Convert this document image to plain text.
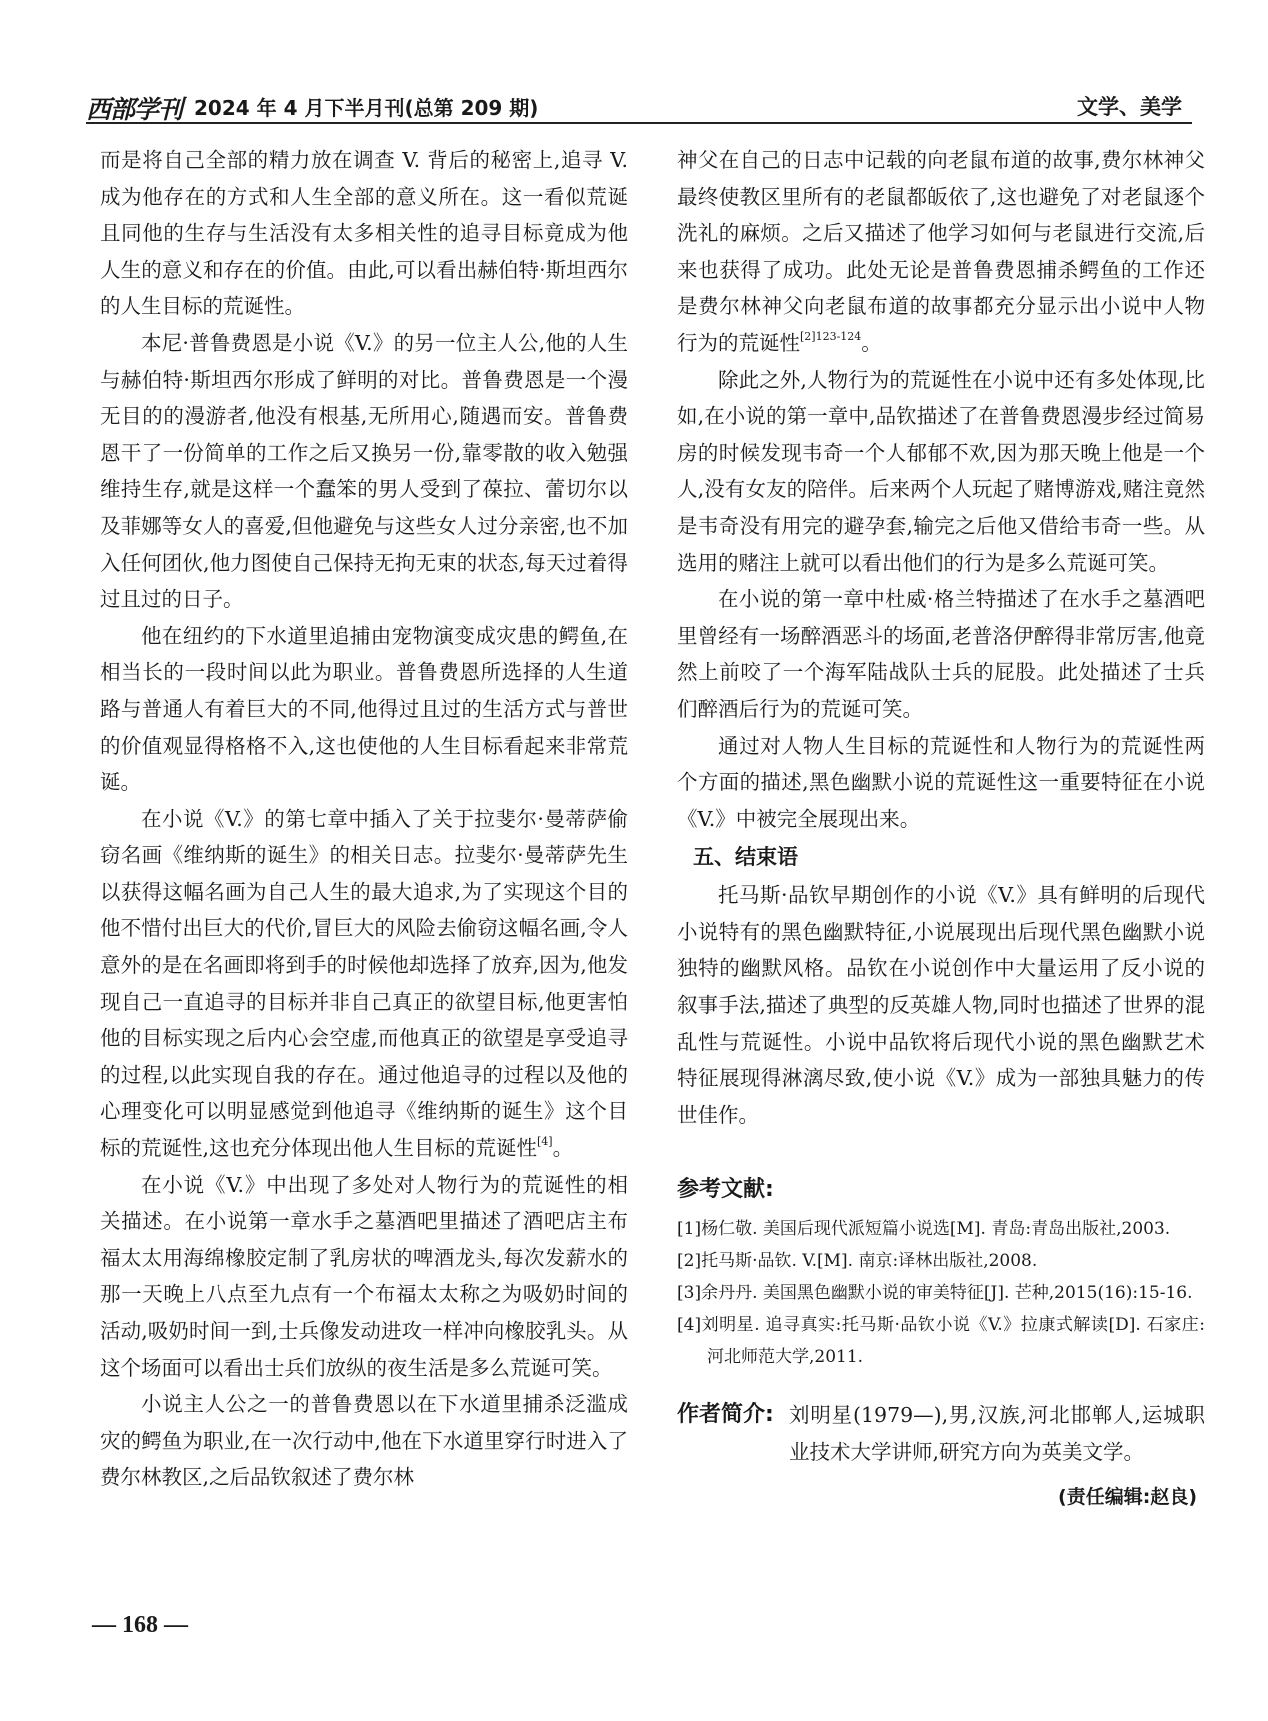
西部学刊 2024 年 4 月下半月刊(总第 209 期)	文学、美学

而是将自己全部的精力放在调查 V. 背后的秘密上,追寻 V. 成为他存在的方式和人生全部的意义所在。这一看似荒诞且同他的生存与生活没有太多相关性的追寻目标竟成为他人生的意义和存在的价值。由此,可以看出赫伯特·斯坦西尔的人生目标的荒诞性。

本尼·普鲁费恩是小说《V.》的另一位主人公,他的人生与赫伯特·斯坦西尔形成了鲜明的对比。普鲁费恩是一个漫无目的的漫游者,他没有根基,无所用心,随遇而安。普鲁费恩干了一份简单的工作之后又换另一份,靠零散的收入勉强维持生存,就是这样一个蠢笨的男人受到了葆拉、蕾切尔以及菲娜等女人的喜爱,但他避免与这些女人过分亲密,也不加入任何团伙,他力图使自己保持无拘无束的状态,每天过着得过且过的日子。

他在纽约的下水道里追捕由宠物演变成灾患的鳄鱼,在相当长的一段时间以此为职业。普鲁费恩所选择的人生道路与普通人有着巨大的不同,他得过且过的生活方式与普世的价值观显得格格不入,这也使他的人生目标看起来非常荒诞。

在小说《V.》的第七章中插入了关于拉斐尔·曼蒂萨偷窃名画《维纳斯的诞生》的相关日志。拉斐尔·曼蒂萨先生以获得这幅名画为自己人生的最大追求,为了实现这个目的他不惜付出巨大的代价,冒巨大的风险去偷窃这幅名画,令人意外的是在名画即将到手的时候他却选择了放弃,因为,他发现自己一直追寻的目标并非自己真正的欲望目标,他更害怕他的目标实现之后内心会空虚,而他真正的欲望是享受追寻的过程,以此实现自我的存在。通过他追寻的过程以及他的心理变化可以明显感觉到他追寻《维纳斯的诞生》这个目标的荒诞性,这也充分体现出他人生目标的荒诞性[4]。

在小说《V.》中出现了多处对人物行为的荒诞性的相关描述。在小说第一章水手之墓酒吧里描述了酒吧店主布福太太用海绵橡胶定制了乳房状的啤酒龙头,每次发薪水的那一天晚上八点至九点有一个布福太太称之为吸奶时间的活动,吸奶时间一到,士兵像发动进攻一样冲向橡胶乳头。从这个场面可以看出士兵们放纵的夜生活是多么荒诞可笑。

小说主人公之一的普鲁费恩以在下水道里捕杀泛滥成灾的鳄鱼为职业,在一次行动中,他在下水道里穿行时进入了费尔林教区,之后品钦叙述了费尔林

神父在自己的日志中记载的向老鼠布道的故事,费尔林神父最终使教区里所有的老鼠都皈依了,这也避免了对老鼠逐个洗礼的麻烦。之后又描述了他学习如何与老鼠进行交流,后来也获得了成功。此处无论是普鲁费恩捕杀鳄鱼的工作还是费尔林神父向老鼠布道的故事都充分显示出小说中人物行为的荒诞性$^{[2]123-124}$。

除此之外,人物行为的荒诞性在小说中还有多处体现,比如,在小说的第一章中,品钦描述了在普鲁费恩漫步经过简易房的时候发现韦奇一个人郁郁不欢,因为那天晚上他是一个人,没有女友的陪伴。后来两个人玩起了赌博游戏,赌注竟然是韦奇没有用完的避孕套,输完之后他又借给韦奇一些。从选用的赌注上就可以看出他们的行为是多么荒诞可笑。

在小说的第一章中杜威·格兰特描述了在水手之墓酒吧里曾经有一场醉酒恶斗的场面,老普洛伊醉得非常厉害,他竟然上前咬了一个海军陆战队士兵的屁股。此处描述了士兵们醉酒后行为的荒诞可笑。

通过对人物人生目标的荒诞性和人物行为的荒诞性两个方面的描述,黑色幽默小说的荒诞性这一重要特征在小说《V.》中被完全展现出来。

五、结束语

托马斯·品钦早期创作的小说《V.》具有鲜明的后现代小说特有的黑色幽默特征,小说展现出后现代黑色幽默小说独特的幽默风格。品钦在小说创作中大量运用了反小说的叙事手法,描述了典型的反英雄人物,同时也描述了世界的混乱性与荒诞性。小说中品钦将后现代小说的黑色幽默艺术特征展现得淋漓尽致,使小说《V.》成为一部独具魅力的传世佳作。

参考文献:
[1]杨仁敬. 美国后现代派短篇小说选[M]. 青岛:青岛出版社,2003.
[2]托马斯·品钦. V.[M]. 南京:译林出版社,2008.
[3]余丹丹. 美国黑色幽默小说的审美特征[J]. 芒种,2015(16):15-16.
[4]刘明星. 追寻真实:托马斯·品钦小说《V.》拉康式解读[D]. 石家庄:河北师范大学,2011.
作者简介: 刘明星(1979—),男,汉族,河北邯郸人,运城职业技术大学讲师,研究方向为英美文学。
(责任编辑:赵良)
— 168 —
